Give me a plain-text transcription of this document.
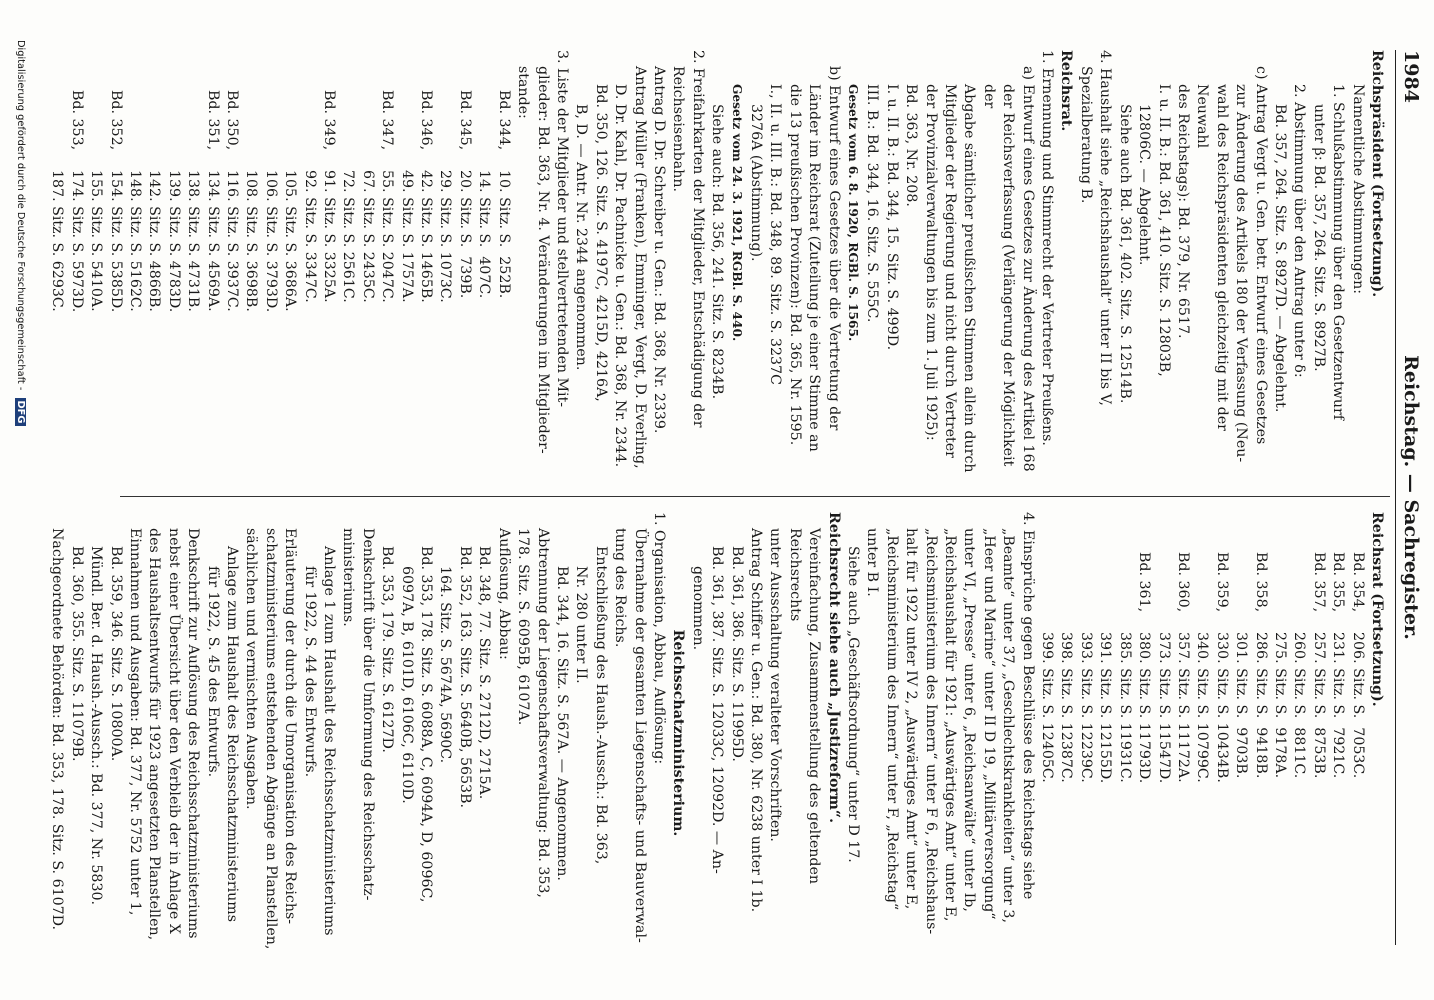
1984
Reichstag. — Sachregister.

Reichspräsident (Fortsetzung).

Namentliche Abstimmungen:

1. Schlußabstimmung über den Gesetzentwurf

unter β: Bd. 357, 264. Sitz. S. 8927B.

2. Abstimmung über den Antrag unter δ:

Bd. 357, 264. Sitz. S. 8927D. — Abgelehnt.

c) Antrag Vergt u. Gen. betr. Entwurf eines Gesetzes

zur Änderung des Artikels 180 der Verfassung (Neu-

wahl des Reichspräsidenten gleichzeitig mit der Neuwahl

des Reichstags): Bd. 379, Nr. 6517.

I. u. II. B.: Bd. 361, 410. Sitz. S. 12803B,

12806C. — Abgelehnt.

Siehe auch Bd. 361, 402. Sitz. S. 12514B.

4. Haushalt siehe „Reichshaushalt“ unter II bis V,

Spezialberatung B.

Reichsrat.

1. Ernennung und Stimmrecht der Vertreter Preußens.

a) Entwurf eines Gesetzes zur Änderung des Artikel 168

der Reichsverfassung (Verlängerung der Möglichkeit der

Abgabe sämtlicher preußischen Stimmen allein durch

Mitglieder der Regierung und nicht durch Vertreter

der Provinzialverwaltungen bis zum 1. Juli 1925):

Bd. 363, Nr. 208.

I. u. II. B.: Bd. 344, 15. Sitz. S. 499D.

III. B.: Bd. 344, 16. Sitz. S. 555C.

Gesetz vom 6. 8. 1920, RGBl. S. 1565.

b) Entwurf eines Gesetzes über die Vertretung der

Länder im Reichsrat (Zuteilung je einer Stimme an

die 13 preußischen Provinzen): Bd. 365, Nr. 1595.

I., II. u. III. B.: Bd. 348, 89. Sitz. S. 3237C

3276A (Abstimmung).

Gesetz vom 24. 3. 1921, RGBl. S. 440.

Siehe auch: Bd. 356, 241. Sitz. S. 8234B.

2. Freifahrkarten der Mitglieder, Entschädigung der

Reichseisenbahn.

Antrag D. Dr. Schreiber u. Gen.: Bd. 368, Nr. 2339.

Antrag Müller (Franken), Emminger, Vergt, D. Everling,

D. Dr. Kahl, Dr. Pachnicke u. Gen.: Bd. 368, Nr. 2344.

Bd. 350, 126. Sitz. S. 4197C, 4215D, 4216A,

B, D. — Antr. Nr. 2344 angenommen.

3. Liste der Mitglieder und stellvertretenden Mit-

glieder: Bd. 363, Nr. 4. Veränderungen im Mitglieder-

stande:

Bd. 344,
10. Sitz. S.  252B.
14. Sitz. S.  407C.
Bd. 345,
20. Sitz. S.  739B.
29. Sitz. S. 1073C.
Bd. 346,
42. Sitz. S. 1465B.
49. Sitz. S. 1757A.
Bd. 347,
55. Sitz. S. 2047C.
67. Sitz. S. 2435C.
72. Sitz. S. 2561C.
Bd. 349,
91. Sitz. S. 3325A.
92. Sitz. S. 3347C.
105. Sitz. S. 3686A.
106. Sitz. S. 3793D.
108. Sitz. S. 3698B.
Bd. 350,
116. Sitz. S. 3937C.
Bd. 351,
134. Sitz. S. 4569A.
138. Sitz. S. 4731B.
139. Sitz. S. 4783D.
142. Sitz. S. 4866B.
148. Sitz. S. 5162C.
Bd. 352,
154. Sitz. S. 5385D.
155. Sitz. S. 5410A.
Bd. 353,
174. Sitz. S. 5973D.
187. Sitz. S. 6293C.

Reichsrat (Fortsetzung).

Bd. 354,
206. Sitz. S.  7053C.
Bd. 355,
231. Sitz. S.  7921C.
Bd. 357,
257. Sitz. S.  8753B.
260. Sitz. S.  8811C.
275. Sitz. S.  9178A.
Bd. 358,
286. Sitz. S.  9418B.
301. Sitz. S.  9703B.
Bd. 359,
330. Sitz. S. 10434B.
340. Sitz. S. 10799C.
Bd. 360,
357. Sitz. S. 11172A.
373. Sitz. S. 11547D.
Bd. 361,
380. Sitz. S. 11793D.
385. Sitz. S. 11931C.
391. Sitz. S. 12155D.
393. Sitz. S. 12239C.
398. Sitz. S. 12387C.
399. Sitz. S. 12405C.

4. Einsprüche gegen Beschlüsse des Reichstags siehe

„Beamte“ unter 37, „Geschlechtskrankheiten“ unter 3,

„Heer und Marine“ unter II D 19, „Militärversorgung“

unter VI, „Presse“ unter 6, „Reichsanwälte“ unter Ib,

„Reichshaushalt für 1921: „Auswärtiges Amt“ unter E,

„Reichsministerium des Innern“ unter F 6, „Reichshaus-

halt für 1922 unter IV 2, „Auswärtiges Amt“ unter E,

„Reichsministerium des Innern“ unter F, „Reichstag“

unter B I.

Siehe auch „Geschäftsordnung“ unter D 17.

Reichsrecht siehe auch „Justizreform“.

Vereinfachung, Zusammenstellung des geltenden Reichsrechts

unter Ausschaltung veralteter Vorschriften.

Antrag Schiffer u. Gen.: Bd. 380, Nr. 6238 unter I 1b.

Bd. 361, 386. Sitz. S. 11995D.

Bd. 361, 387. Sitz. S. 12033C, 12092D. — An-

genommen.

Reichsschatzministerium.

1. Organisation, Abbau, Auflösung:

Übernahme der gesamten Liegenschafts- und Bauverwal-

tung des Reichs.

Entschließung des Haush.-Aussch.: Bd. 363,

Nr. 280 unter II.

Bd. 344, 16. Sitz. S. 567A. — Angenommen.

Abtrennung der Liegenschaftsverwaltung: Bd. 353,

178. Sitz. S. 6095B, 6107A.

Auflösung, Abbau:

Bd. 348, 77. Sitz. S. 2712D, 2715A.

Bd. 352, 163. Sitz. S. 5640B, 5653B.

164. Sitz. S. 5674A, 5690C.

Bd. 353, 178. Sitz. S. 6088A, C, 6094A, D, 6096C,

6097A, B, 6101D, 6106C, 6110D.

Bd. 353, 179. Sitz. S. 6127D.

Denkschrift über die Umformung des Reichsschatz-

ministeriums.

Anlage 1 zum Haushalt des Reichsschatzministeriums

für 1922, S. 44 des Entwurfs.

Erläuterung der durch die Umorganisation des Reichs-

schatzministeriums entstehenden Abgänge an Planstellen,

sächlichen und vermischten Ausgaben.

Anlage zum Haushalt des Reichsschatzministeriums

für 1922, S. 45 des Entwurfs.

Denkschrift zur Auflösung des Reichsschatzministeriums

nebst einer Übersicht über den Verbleib der in Anlage X

des Haushaltsentwurfs für 1923 angesetzten Planstellen,

Einnahmen und Ausgaben: Bd. 377, Nr. 5752 unter 1,

Bd. 359, 346. Sitz. S. 10800A.

Mündl. Ber. d. Haush.-Aussch.: Bd. 377, Nr. 5830.

Bd. 360, 355. Sitz. S. 11079B.

Nachgeordnete Behörden: Bd. 353, 178. Sitz. S. 6107D.

Digitalisierung gefördert durch die Deutsche Forschungsgemeinschaft - DFG
